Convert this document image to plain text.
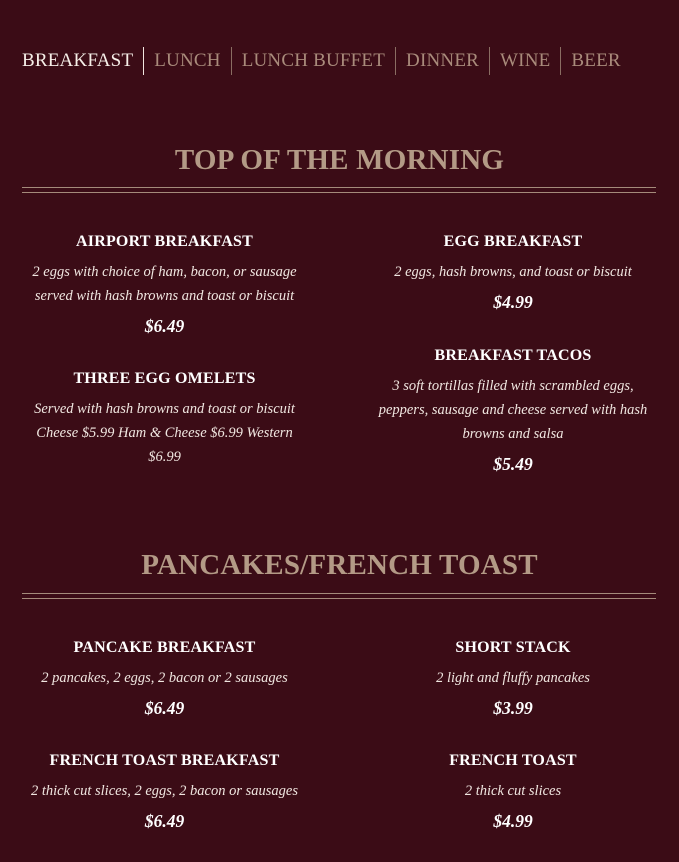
BREAKFAST	LUNCH	LUNCH BUFFET	DINNER	WINE	BEER
TOP OF THE MORNING
AIRPORT BREAKFAST
2 eggs with choice of ham, bacon, or sausage served with hash browns and toast or biscuit
$6.49
EGG BREAKFAST
2 eggs, hash browns, and toast or biscuit
$4.99
THREE EGG OMELETS
Served with hash browns and toast or biscuit Cheese $5.99 Ham & Cheese $6.99 Western $6.99
BREAKFAST TACOS
3 soft tortillas filled with scrambled eggs, peppers, sausage and cheese served with hash browns and salsa
$5.49
PANCAKES/FRENCH TOAST
PANCAKE BREAKFAST
2 pancakes, 2 eggs, 2 bacon or 2 sausages
$6.49
SHORT STACK
2 light and fluffy pancakes
$3.99
FRENCH TOAST BREAKFAST
2 thick cut slices, 2 eggs, 2 bacon or sausages
$6.49
FRENCH TOAST
2 thick cut slices
$4.99
